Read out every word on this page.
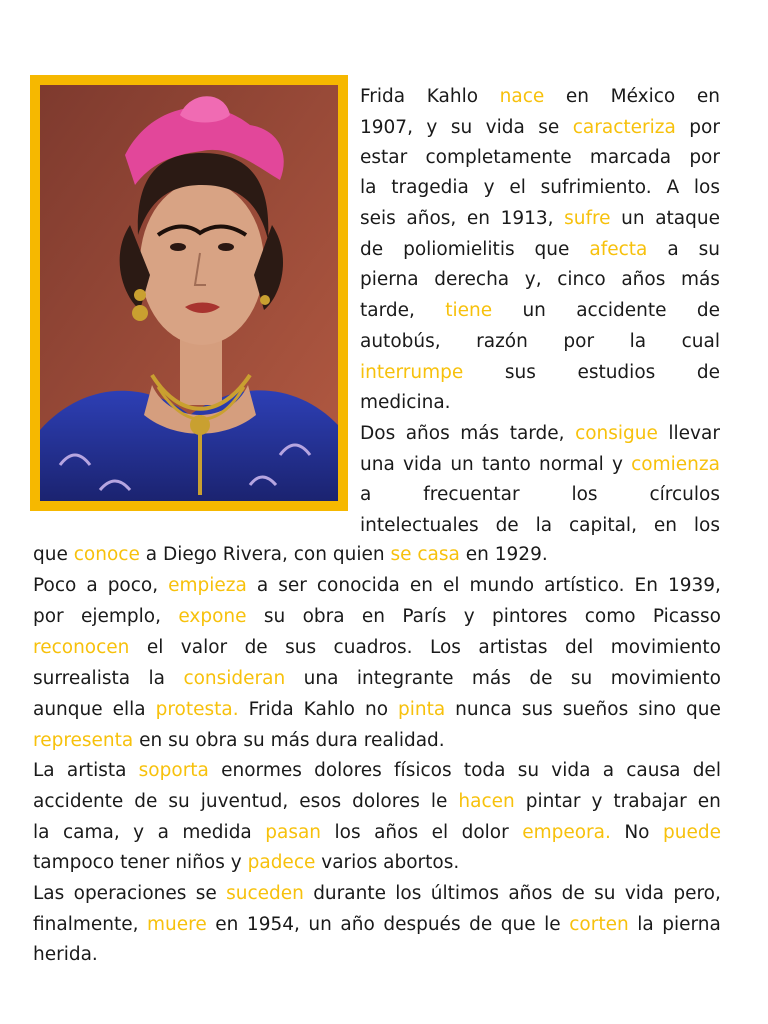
Frida Kahlo nace en México en

1907, y su vida se caracteriza por

estar completamente marcada por

la tragedia y el sufrimiento. A los

seis años, en 1913, sufre un ataque

de poliomielitis que afecta a su

pierna derecha y, cinco años más

tarde, tiene un accidente de

autobús, razón por la cual

interrumpe sus estudios de

medicina.

Dos años más tarde, consigue llevar

una vida un tanto normal y comienza

a	frecuentar	los	círculos

intelectuales de la capital, en los

que conoce a Diego Rivera, con quien se casa en 1929.

Poco a poco, empieza a ser conocida en el mundo artístico. En 1939,

por ejemplo, expone su obra en París y pintores como Picasso

reconocen el valor de sus cuadros. Los artistas del movimiento

surrealista la consideran una integrante más de su movimiento

aunque ella protesta. Frida Kahlo no pinta nunca sus sueños sino que

representa en su obra su más dura realidad.

La artista soporta enormes dolores físicos toda su vida a causa del

accidente de su juventud, esos dolores le hacen pintar y trabajar en

la cama, y a medida pasan los años el dolor empeora. No puede

tampoco tener niños y padece varios abortos.

Las operaciones se suceden durante los últimos años de su vida pero,

finalmente, muere en 1954, un año después de que le corten la pierna

herida.
